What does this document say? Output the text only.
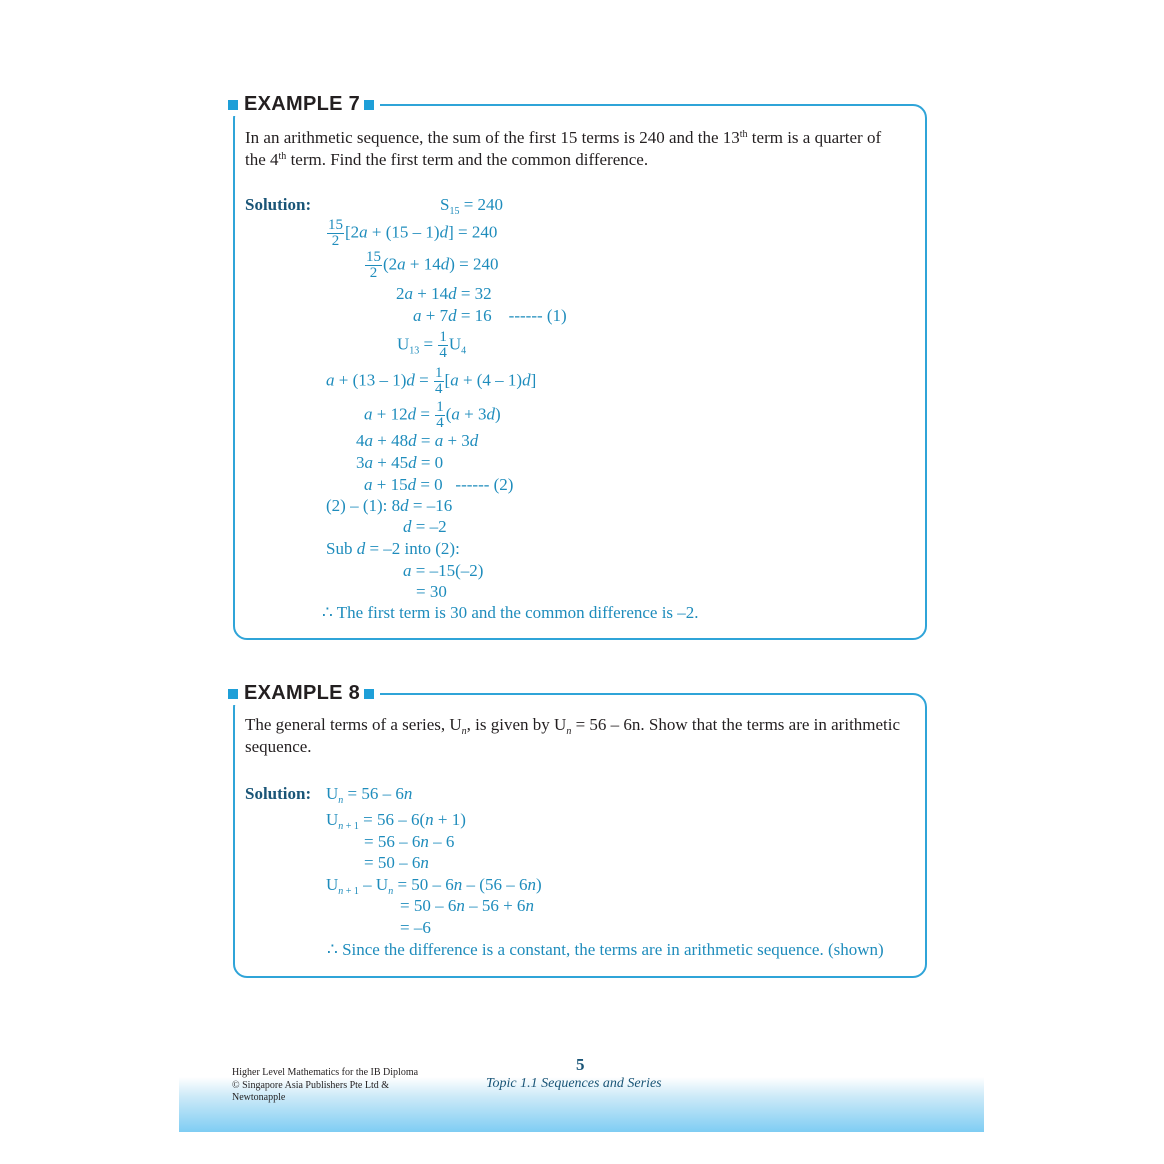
EXAMPLE 7
In an arithmetic sequence, the sum of the first 15 terms is 240 and the 13th term is a quarter of
the 4th term. Find the first term and the common difference.
Solution:	$S_{15} = 240$
$\frac{15}{2} [2a + (15 - 1)d] = 240$
$\frac{15}{2} (2a + 14d) = 240$
2a + 14d = 32
a + 7d = 16    ------ (1)
$U_{13} = \frac{1}{4} U_4$
$a + (13 - 1)d = \frac{1}{4} [a + (4 - 1)d]$
$a + 12d = \frac{1}{4} (a + 3d)$
4a + 48d = a + 3d
3a + 45d = 0
a + 15d = 0   ------ (2)
(2) – (1): 8d = –16
d = –2
Sub d = –2 into (2):
a = –15(–2)
= 30
∴ The first term is 30 and the common difference is –2.
EXAMPLE 8
The general terms of a series, $U_n$, is given by $U_n = 56 - 6n$. Show that the terms are in arithmetic
sequence.
Solution: $U_n = 56 - 6n$
$U_{n + 1} = 56 - 6(n + 1)$
= 56 – 6n – 6
= 50 – 6n
$U_{n + 1} - U_n = 50 - 6n - (56 - 6n)$
= 50 – 6n – 56 + 6n
= –6
∴ Since the difference is a constant, the terms are in arithmetic sequence. (shown)
Higher Level Mathematics for the IB Diploma
© Singapore Asia Publishers Pte Ltd &
Newtonapple
5
Topic 1.1 Sequences and Series
